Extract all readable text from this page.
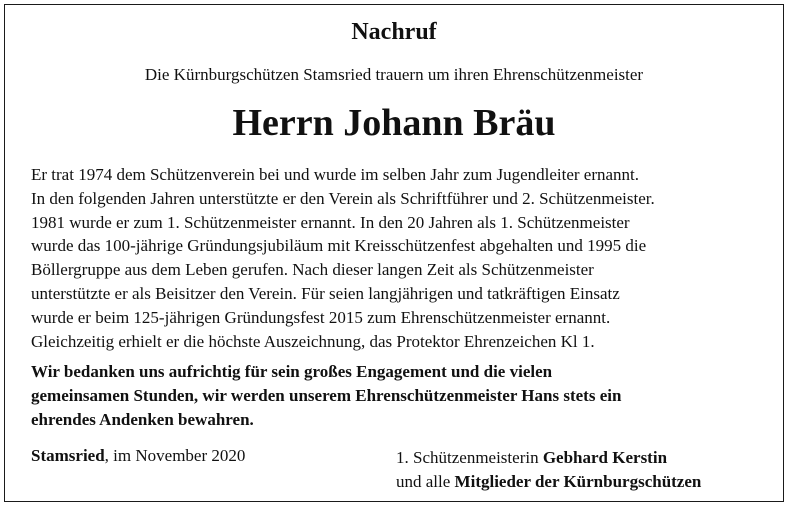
Nachruf
Die Kürnburgschützen Stamsried trauern um ihren Ehrenschützenmeister
Herrn Johann Bräu
Er trat 1974 dem Schützenverein bei und wurde im selben Jahr zum Jugendleiter ernannt.
In den folgenden Jahren unterstützte er den Verein als Schriftführer und 2. Schützenmeister.
1981 wurde er zum 1. Schützenmeister ernannt. In den 20 Jahren als 1. Schützenmeister
wurde das 100-jährige Gründungsjubiläum mit Kreisschützenfest abgehalten und 1995 die
Böllergruppe aus dem Leben gerufen. Nach dieser langen Zeit als Schützenmeister
unterstützte er als Beisitzer den Verein. Für seien langjährigen und tatkräftigen Einsatz
wurde er beim 125-jährigen Gründungsfest 2015 zum Ehrenschützenmeister ernannt.
Gleichzeitig erhielt er die höchste Auszeichnung, das Protektor Ehrenzeichen Kl 1.
Wir bedanken uns aufrichtig für sein großes Engagement und die vielen
gemeinsamen Stunden, wir werden unserem Ehrenschützenmeister Hans stets ein
ehrendes Andenken bewahren.
Stamsried, im November 2020	1. Schützenmeisterin Gebhard Kerstin
und alle Mitglieder der Kürnburgschützen
